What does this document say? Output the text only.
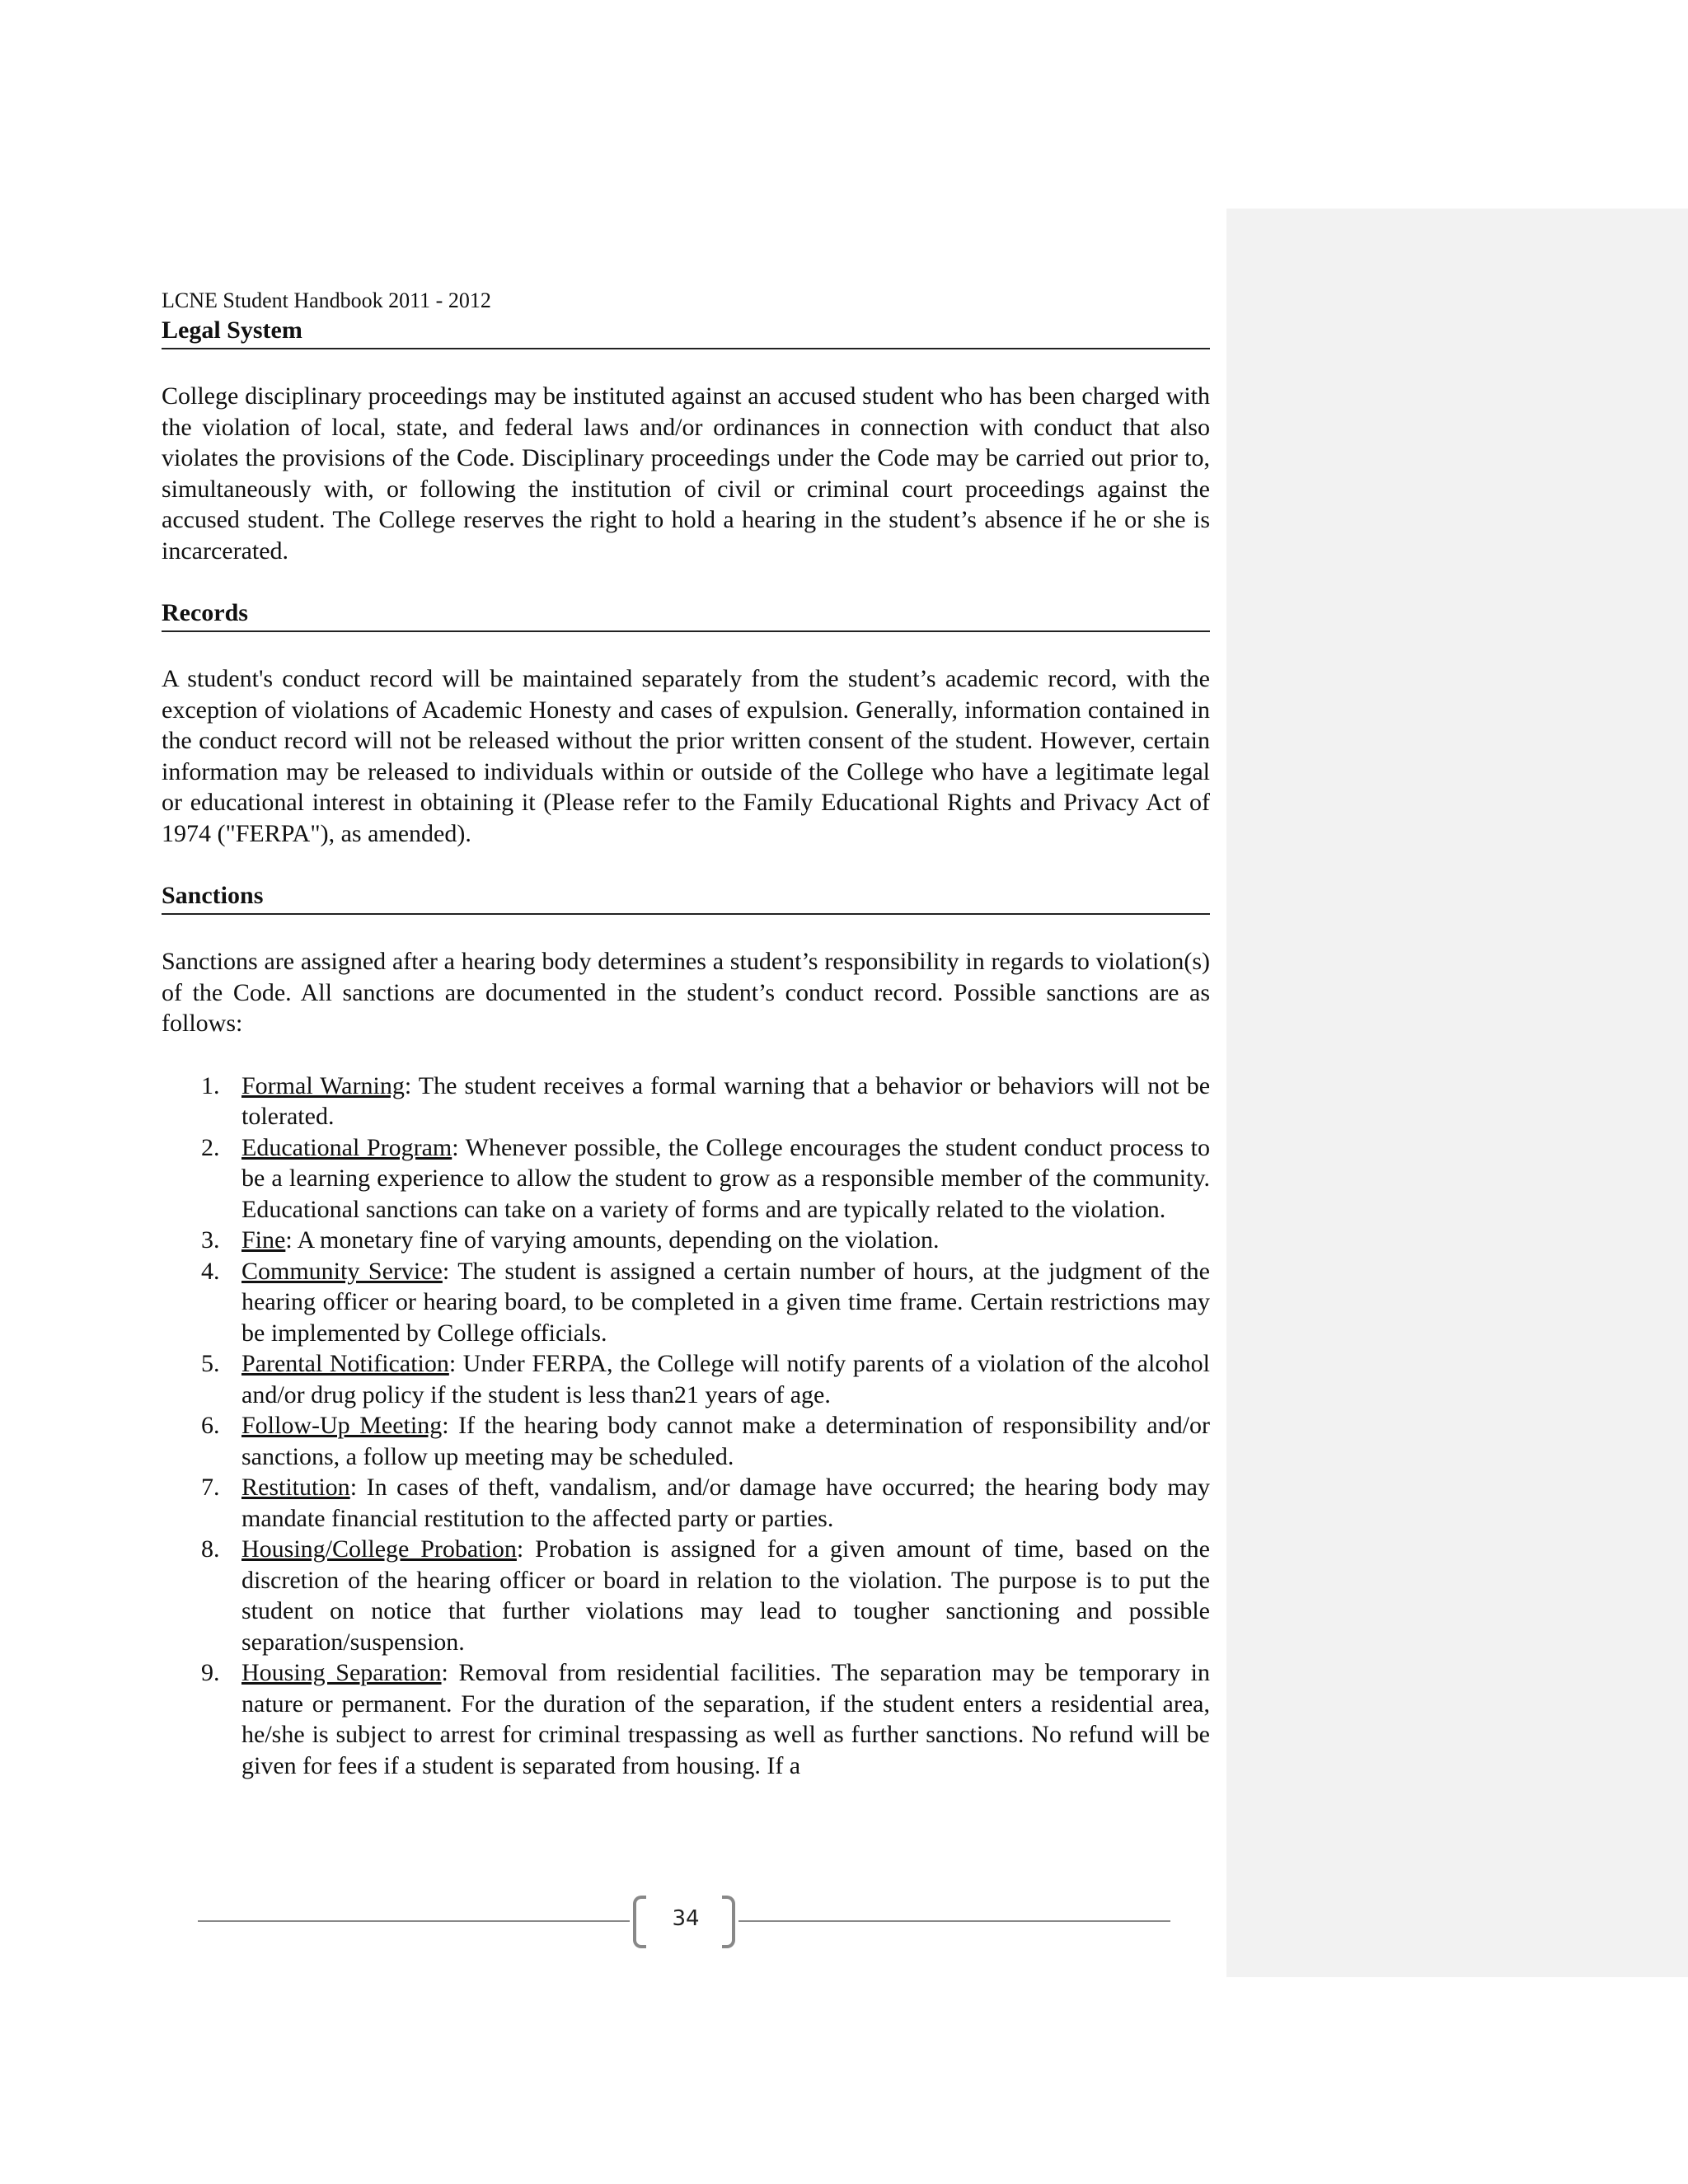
LCNE Student Handbook 2011 - 2012
Legal System

College disciplinary proceedings may be instituted against an accused student who has been charged with the violation of local, state, and federal laws and/or ordinances in connection with conduct that also violates the provisions of the Code. Disciplinary proceedings under the Code may be carried out prior to, simultaneously with, or following the institution of civil or criminal court proceedings against the accused student. The College reserves the right to hold a hearing in the student’s absence if he or she is incarcerated.

Records

A student's conduct record will be maintained separately from the student’s academic record, with the exception of violations of Academic Honesty and cases of expulsion. Generally, information contained in the conduct record will not be released without the prior written consent of the student. However, certain information may be released to individuals within or outside of the College who have a legitimate legal or educational interest in obtaining it (Please refer to the Family Educational Rights and Privacy Act of 1974 ("FERPA"), as amended).

Sanctions

Sanctions are assigned after a hearing body determines a student’s responsibility in regards to violation(s) of the Code. All sanctions are documented in the student’s conduct record. Possible sanctions are as follows:

1. Formal Warning: The student receives a formal warning that a behavior or behaviors will not be tolerated.
2. Educational Program: Whenever possible, the College encourages the student conduct process to be a learning experience to allow the student to grow as a responsible member of the community. Educational sanctions can take on a variety of forms and are typically related to the violation.
3. Fine: A monetary fine of varying amounts, depending on the violation.
4. Community Service: The student is assigned a certain number of hours, at the judgment of the hearing officer or hearing board, to be completed in a given time frame. Certain restrictions may be implemented by College officials.
5. Parental Notification: Under FERPA, the College will notify parents of a violation of the alcohol and/or drug policy if the student is less than21 years of age.
6. Follow-Up Meeting: If the hearing body cannot make a determination of responsibility and/or sanctions, a follow up meeting may be scheduled.
7. Restitution: In cases of theft, vandalism, and/or damage have occurred; the hearing body may mandate financial restitution to the affected party or parties.
8. Housing/College Probation: Probation is assigned for a given amount of time, based on the discretion of the hearing officer or board in relation to the violation. The purpose is to put the student on notice that further violations may lead to tougher sanctioning and possible separation/suspension.
9. Housing Separation: Removal from residential facilities. The separation may be temporary in nature or permanent. For the duration of the separation, if the student enters a residential area, he/she is subject to arrest for criminal trespassing as well as further sanctions. No refund will be given for fees if a student is separated from housing. If a
34
